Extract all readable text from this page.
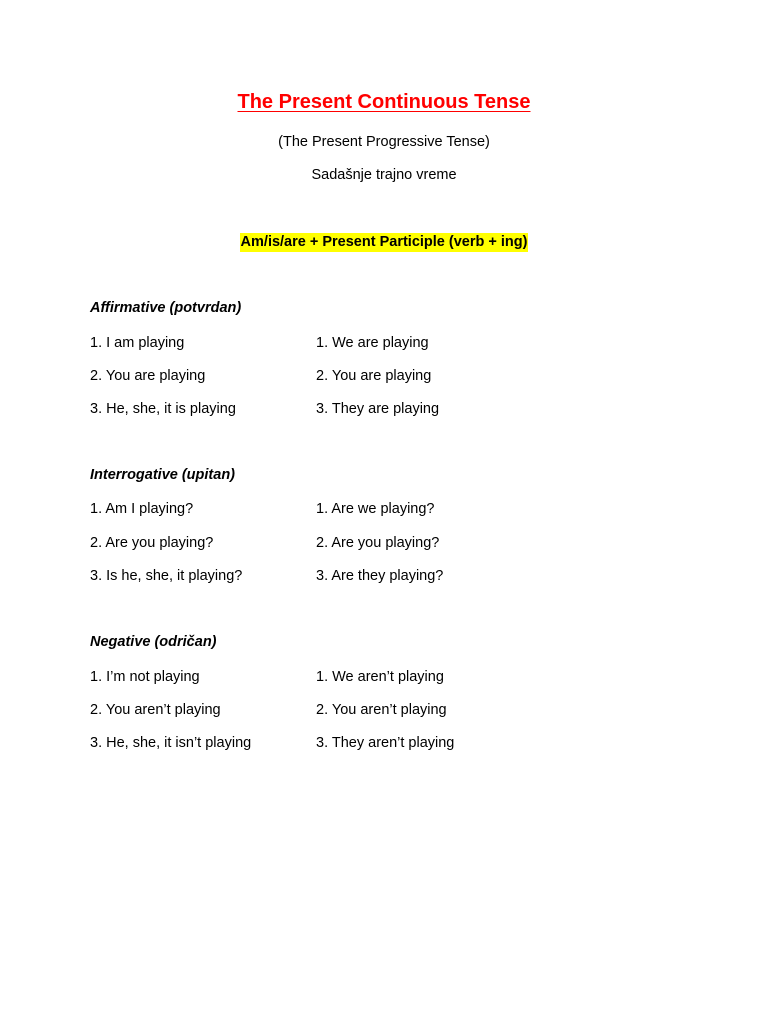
The Present Continuous Tense
(The Present Progressive Tense)
Sadašnje trajno vreme
Am/is/are + Present Participle (verb + ing)
Affirmative (potvrdan)
1. I am playing	1. We are playing
2. You are playing	2. You are playing
3. He, she, it is playing	3. They are playing
Interrogative (upitan)
1. Am I playing?	1. Are we playing?
2. Are you playing?	2. Are you playing?
3. Is he, she, it playing?	3. Are they playing?
Negative (odričan)
1. I’m not playing	1. We aren’t playing
2. You aren’t playing	2. You aren’t playing
3. He, she, it isn’t playing	3. They aren’t playing
